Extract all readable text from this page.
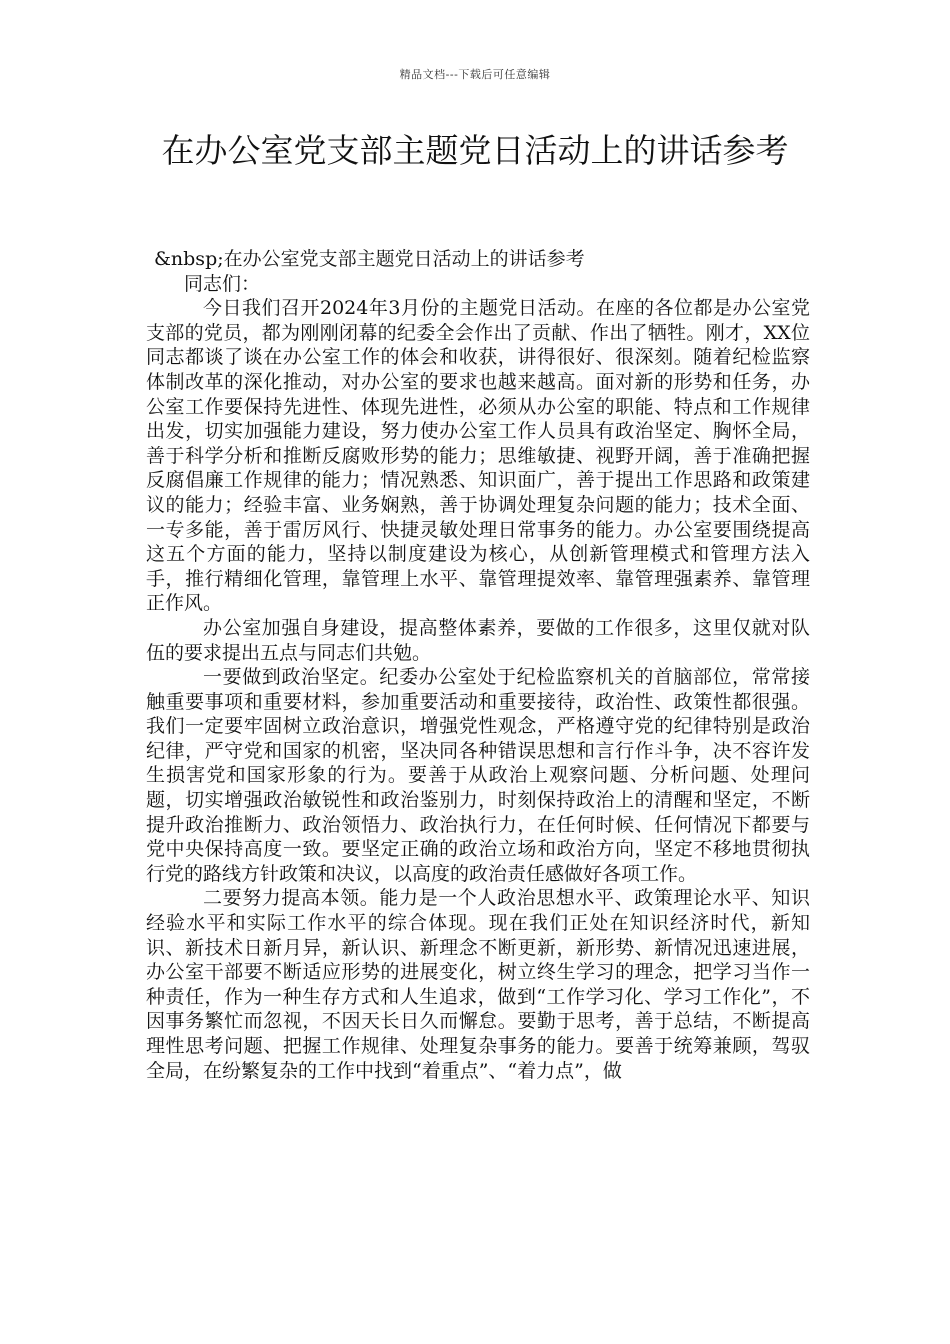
精品文档---下载后可任意编辑
在办公室党支部主题党日活动上的讲话参考

&nbsp;在办公室党支部主题党日活动上的讲话参考

同志们：

今日我们召开2024年3月份的主题党日活动。在座的各位都是办公室党支部的党员，都为刚刚闭幕的纪委全会作出了贡献、作出了牺牲。刚才，XX位同志都谈了谈在办公室工作的体会和收获，讲得很好、很深刻。随着纪检监察体制改革的深化推动，对办公室的要求也越来越高。面对新的形势和任务，办公室工作要保持先进性、体现先进性，必须从办公室的职能、特点和工作规律出发，切实加强能力建设，努力使办公室工作人员具有政治坚定、胸怀全局，善于科学分析和推断反腐败形势的能力；思维敏捷、视野开阔，善于准确把握反腐倡廉工作规律的能力；情况熟悉、知识面广，善于提出工作思路和政策建议的能力；经验丰富、业务娴熟，善于协调处理复杂问题的能力；技术全面、一专多能，善于雷厉风行、快捷灵敏处理日常事务的能力。办公室要围绕提高这五个方面的能力，坚持以制度建设为核心，从创新管理模式和管理方法入手，推行精细化管理，靠管理上水平、靠管理提效率、靠管理强素养、靠管理正作风。

办公室加强自身建设，提高整体素养，要做的工作很多，这里仅就对队伍的要求提出五点与同志们共勉。

一要做到政治坚定。纪委办公室处于纪检监察机关的首脑部位，常常接触重要事项和重要材料，参加重要活动和重要接待，政治性、政策性都很强。我们一定要牢固树立政治意识，增强党性观念，严格遵守党的纪律特别是政治纪律，严守党和国家的机密，坚决同各种错误思想和言行作斗争，决不容许发生损害党和国家形象的行为。要善于从政治上观察问题、分析问题、处理问题，切实增强政治敏锐性和政治鉴别力，时刻保持政治上的清醒和坚定，不断提升政治推断力、政治领悟力、政治执行力，在任何时候、任何情况下都要与党中央保持高度一致。要坚定正确的政治立场和政治方向，坚定不移地贯彻执行党的路线方针政策和决议，以高度的政治责任感做好各项工作。

二要努力提高本领。能力是一个人政治思想水平、政策理论水平、知识经验水平和实际工作水平的综合体现。现在我们正处在知识经济时代，新知识、新技术日新月异，新认识、新理念不断更新，新形势、新情况迅速进展，办公室干部要不断适应形势的进展变化，树立终生学习的理念，把学习当作一种责任，作为一种生存方式和人生追求，做到“工作学习化、学习工作化”，不因事务繁忙而忽视，不因天长日久而懈怠。要勤于思考，善于总结，不断提高理性思考问题、把握工作规律、处理复杂事务的能力。要善于统筹兼顾，驾驭全局，在纷繁复杂的工作中找到“着重点”、“着力点”，做
